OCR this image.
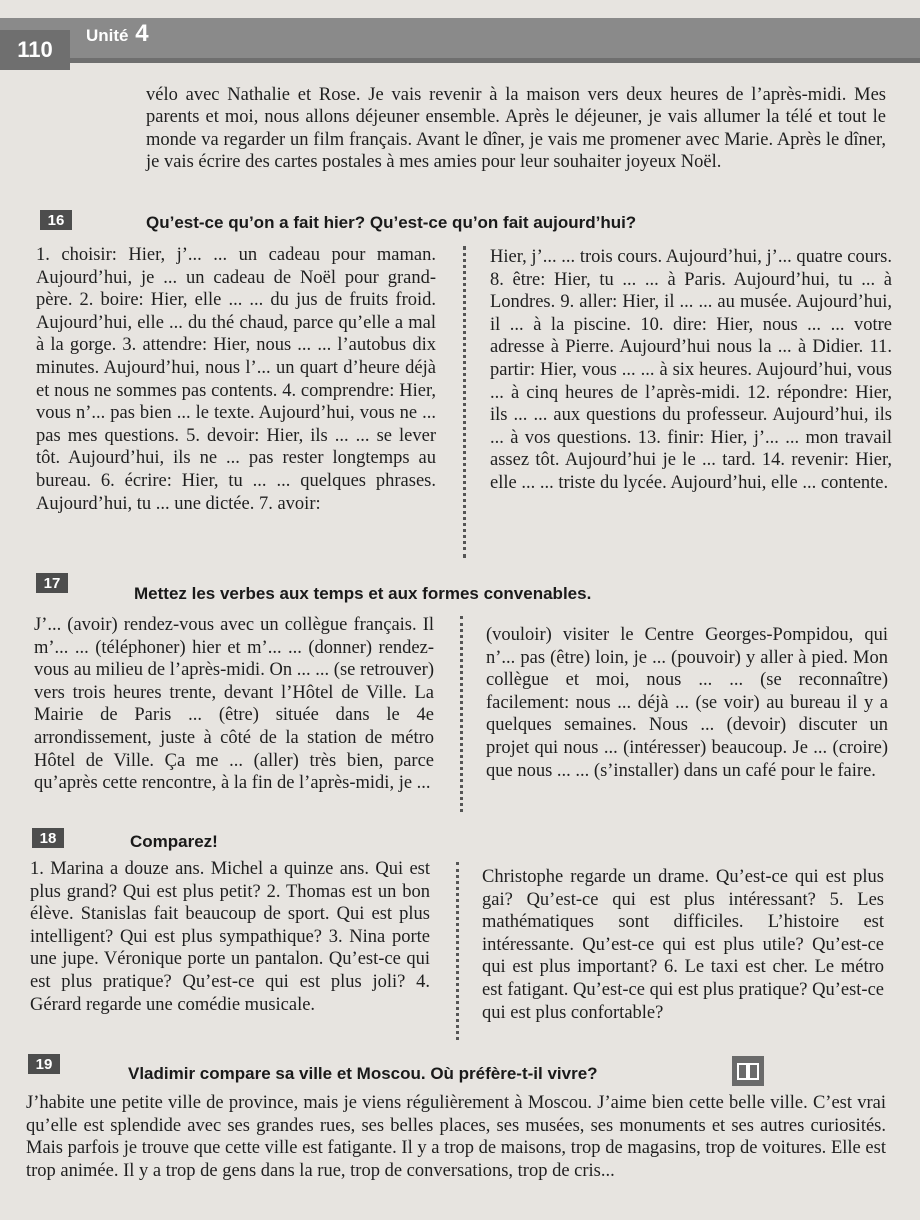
110
Unité 4
vélo avec Nathalie et Rose. Je vais revenir à la maison vers deux heures de l’après-midi. Mes parents et moi, nous allons déjeuner ensemble. Après le déjeuner, je vais allumer la télé et tout le monde va regarder un film français. Avant le dîner, je vais me promener avec Marie. Après le dîner, je vais écrire des cartes postales à mes amies pour leur souhaiter joyeux Noël.
16	Qu’est-ce qu’on a fait hier? Qu’est-ce qu’on fait aujourd’hui?
1. choisir: Hier, j’... ... un cadeau pour maman. Aujourd’hui, je ... un cadeau de Noël pour grand-père. 2. boire: Hier, elle ... ... du jus de fruits froid. Aujourd’hui, elle ... du thé chaud, parce qu’elle a mal à la gorge. 3. attendre: Hier, nous ... ... l’autobus dix minutes. Aujourd’hui, nous l’... un quart d’heure déjà et nous ne sommes pas contents. 4. comprendre: Hier, vous n’... pas bien ... le texte. Aujourd’hui, vous ne ... pas mes questions. 5. devoir: Hier, ils ... ... se lever tôt. Aujourd’hui, ils ne ... pas rester longtemps au bureau. 6. écrire: Hier, tu ... ... quelques phrases. Aujourd’hui, tu ... une dictée. 7. avoir:
Hier, j’... ... trois cours. Aujourd’hui, j’... quatre cours. 8. être: Hier, tu ... ... à Paris. Aujourd’hui, tu ... à Londres. 9. aller: Hier, il ... ... au musée. Aujourd’hui, il ... à la piscine. 10. dire: Hier, nous ... ... votre adresse à Pierre. Aujourd’hui nous la ... à Didier. 11. partir: Hier, vous ... ... à six heures. Aujourd’hui, vous ... à cinq heures de l’après-midi. 12. répondre: Hier, ils ... ... aux questions du professeur. Aujourd’hui, ils ... à vos questions. 13. finir: Hier, j’... ... mon travail assez tôt. Aujourd’hui je le ... tard. 14. revenir: Hier, elle ... ... triste du lycée. Aujourd’hui, elle ... contente.
17
Mettez les verbes aux temps et aux formes convenables.
J’... (avoir) rendez-vous avec un collègue français. Il m’... ... (téléphoner) hier et m’... ... (donner) rendez-vous au milieu de l’après-midi. On ... ... (se retrouver) vers trois heures trente, devant l’Hôtel de Ville. La Mairie de Paris ... (être) située dans le 4e arrondissement, juste à côté de la station de métro Hôtel de Ville. Ça me ... (aller) très bien, parce qu’après cette rencontre, à la fin de l’après-midi, je ...
(vouloir) visiter le Centre Georges-Pompidou, qui n’... pas (être) loin, je ... (pouvoir) y aller à pied. Mon collègue et moi, nous ... ... (se reconnaître) facilement: nous ... déjà ... (se voir) au bureau il y a quelques semaines. Nous ... (devoir) discuter un projet qui nous ... (intéresser) beaucoup. Je ... (croire) que nous ... ... (s’installer) dans un café pour le faire.
18	Comparez!
1. Marina a douze ans. Michel a quinze ans. Qui est plus grand? Qui est plus petit? 2. Thomas est un bon élève. Stanislas fait beaucoup de sport. Qui est plus intelligent? Qui est plus sympathique? 3. Nina porte une jupe. Véronique porte un pantalon. Qu’est-ce qui est plus pratique? Qu’est-ce qui est plus joli? 4. Gérard regarde une comédie musicale.
Christophe regarde un drame. Qu’est-ce qui est plus gai? Qu’est-ce qui est plus intéressant? 5. Les mathématiques sont difficiles. L’histoire est intéressante. Qu’est-ce qui est plus utile? Qu’est-ce qui est plus important? 6. Le taxi est cher. Le métro est fatigant. Qu’est-ce qui est plus pratique? Qu’est-ce qui est plus confortable?
19	Vladimir compare sa ville et Moscou. Où préfère-t-il vivre?
J’habite une petite ville de province, mais je viens régulièrement à Moscou. J’aime bien cette belle ville. C’est vrai qu’elle est splendide avec ses grandes rues, ses belles places, ses musées, ses monuments et ses autres curiosités. Mais parfois je trouve que cette ville est fatigante. Il y a trop de maisons, trop de magasins, trop de voitures. Elle est trop animée. Il y a trop de gens dans la rue, trop de conversations, trop de cris...
